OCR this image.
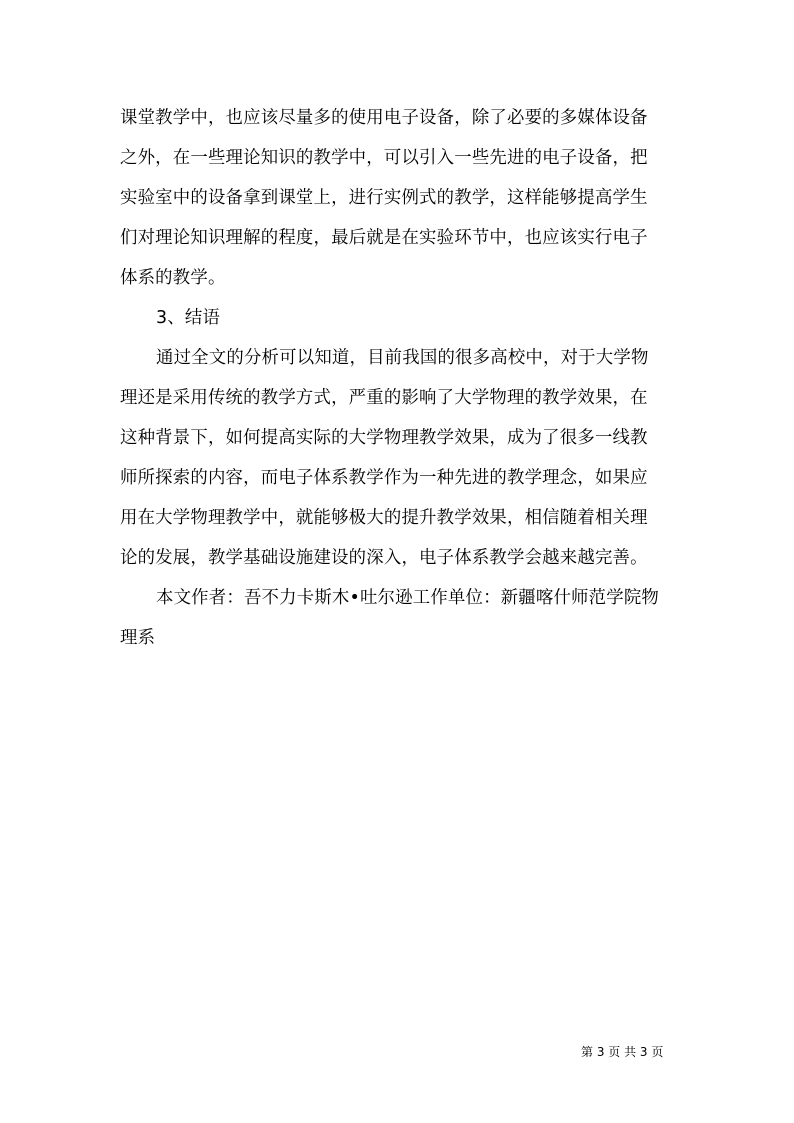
课堂教学中，也应该尽量多的使用电子设备，除了必要的多媒体设备
之外，在一些理论知识的教学中，可以引入一些先进的电子设备，把
实验室中的设备拿到课堂上，进行实例式的教学，这样能够提高学生
们对理论知识理解的程度，最后就是在实验环节中，也应该实行电子
体系的教学。
3、结语
通过全文的分析可以知道，目前我国的很多高校中，对于大学物
理还是采用传统的教学方式，严重的影响了大学物理的教学效果，在
这种背景下，如何提高实际的大学物理教学效果，成为了很多一线教
师所探索的内容，而电子体系教学作为一种先进的教学理念，如果应
用在大学物理教学中，就能够极大的提升教学效果，相信随着相关理
论的发展，教学基础设施建设的深入，电子体系教学会越来越完善。
本文作者：吾不力卡斯木•吐尔逊工作单位：新疆喀什师范学院物
理系
第 3 页 共 3 页
